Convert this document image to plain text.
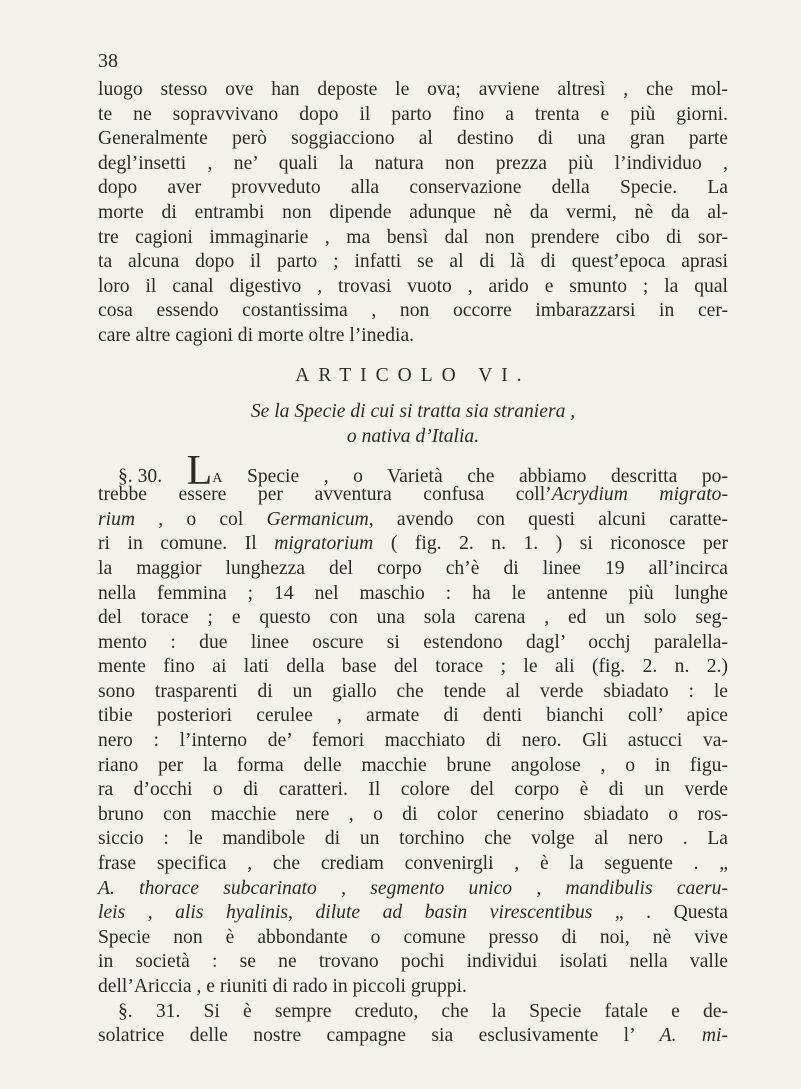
38
luogo stesso ove han deposte le ova; avviene altresì , che mol-
te ne sopravvivano dopo il parto fino a trenta e più giorni.
Generalmente però soggiacciono al destino di una gran parte
degl’insetti , ne’ quali la natura non prezza più l’individuo ,
dopo aver provveduto alla conservazione della Specie. La
morte di entrambi non dipende adunque nè da vermi, nè da al-
tre cagioni immaginarie , ma bensì dal non prendere cibo di sor-
ta alcuna dopo il parto ; infatti se al di là di quest’epoca aprasi
loro il canal digestivo , trovasi vuoto , arido e smunto ; la qual
cosa essendo costantissima , non occorre imbarazzarsi in cer-
care altre cagioni di morte oltre l’inedia.
ARTICOLO VI.
Se la Specie di cui si tratta sia straniera ,
o nativa d’Italia.
§. 30. La Specie , o Varietà che abbiamo descritta po-
trebbe essere per avventura confusa coll’Acrydium migrato-
rium , o col Germanicum, avendo con questi alcuni caratte-
ri in comune. Il migratorium ( fig. 2. n. 1. ) si riconosce per
la maggior lunghezza del corpo ch’è di linee 19 all’incirca
nella femmina ; 14 nel maschio : ha le antenne più lunghe
del torace ; e questo con una sola carena , ed un solo seg-
mento : due linee oscure si estendono dagl’ occhj paralella-
mente fino ai lati della base del torace ; le ali (fig. 2. n. 2.)
sono trasparenti di un giallo che tende al verde sbiadato : le
tibie posteriori cerulee , armate di denti bianchi coll’ apice
nero : l’interno de’ femori macchiato di nero. Gli astucci va-
riano per la forma delle macchie brune angolose , o in figu-
ra d’occhi o di caratteri. Il colore del corpo è di un verde
bruno con macchie nere , o di color cenerino sbiadato o ros-
siccio : le mandibole di un torchino che volge al nero . La
frase specifica , che crediam convenirgli , è la seguente . „
A. thorace subcarinato , segmento unico , mandibulis caeru-
leis , alis hyalinis, dilute ad basin virescentibus „ . Questa
Specie non è abbondante o comune presso di noi, nè vive
in società : se ne trovano pochi individui isolati nella valle
dell’Ariccia , e riuniti di rado in piccoli gruppi.
§. 31. Si è sempre creduto, che la Specie fatale e de-
solatrice delle nostre campagne sia esclusivamente l’ A. mi-
